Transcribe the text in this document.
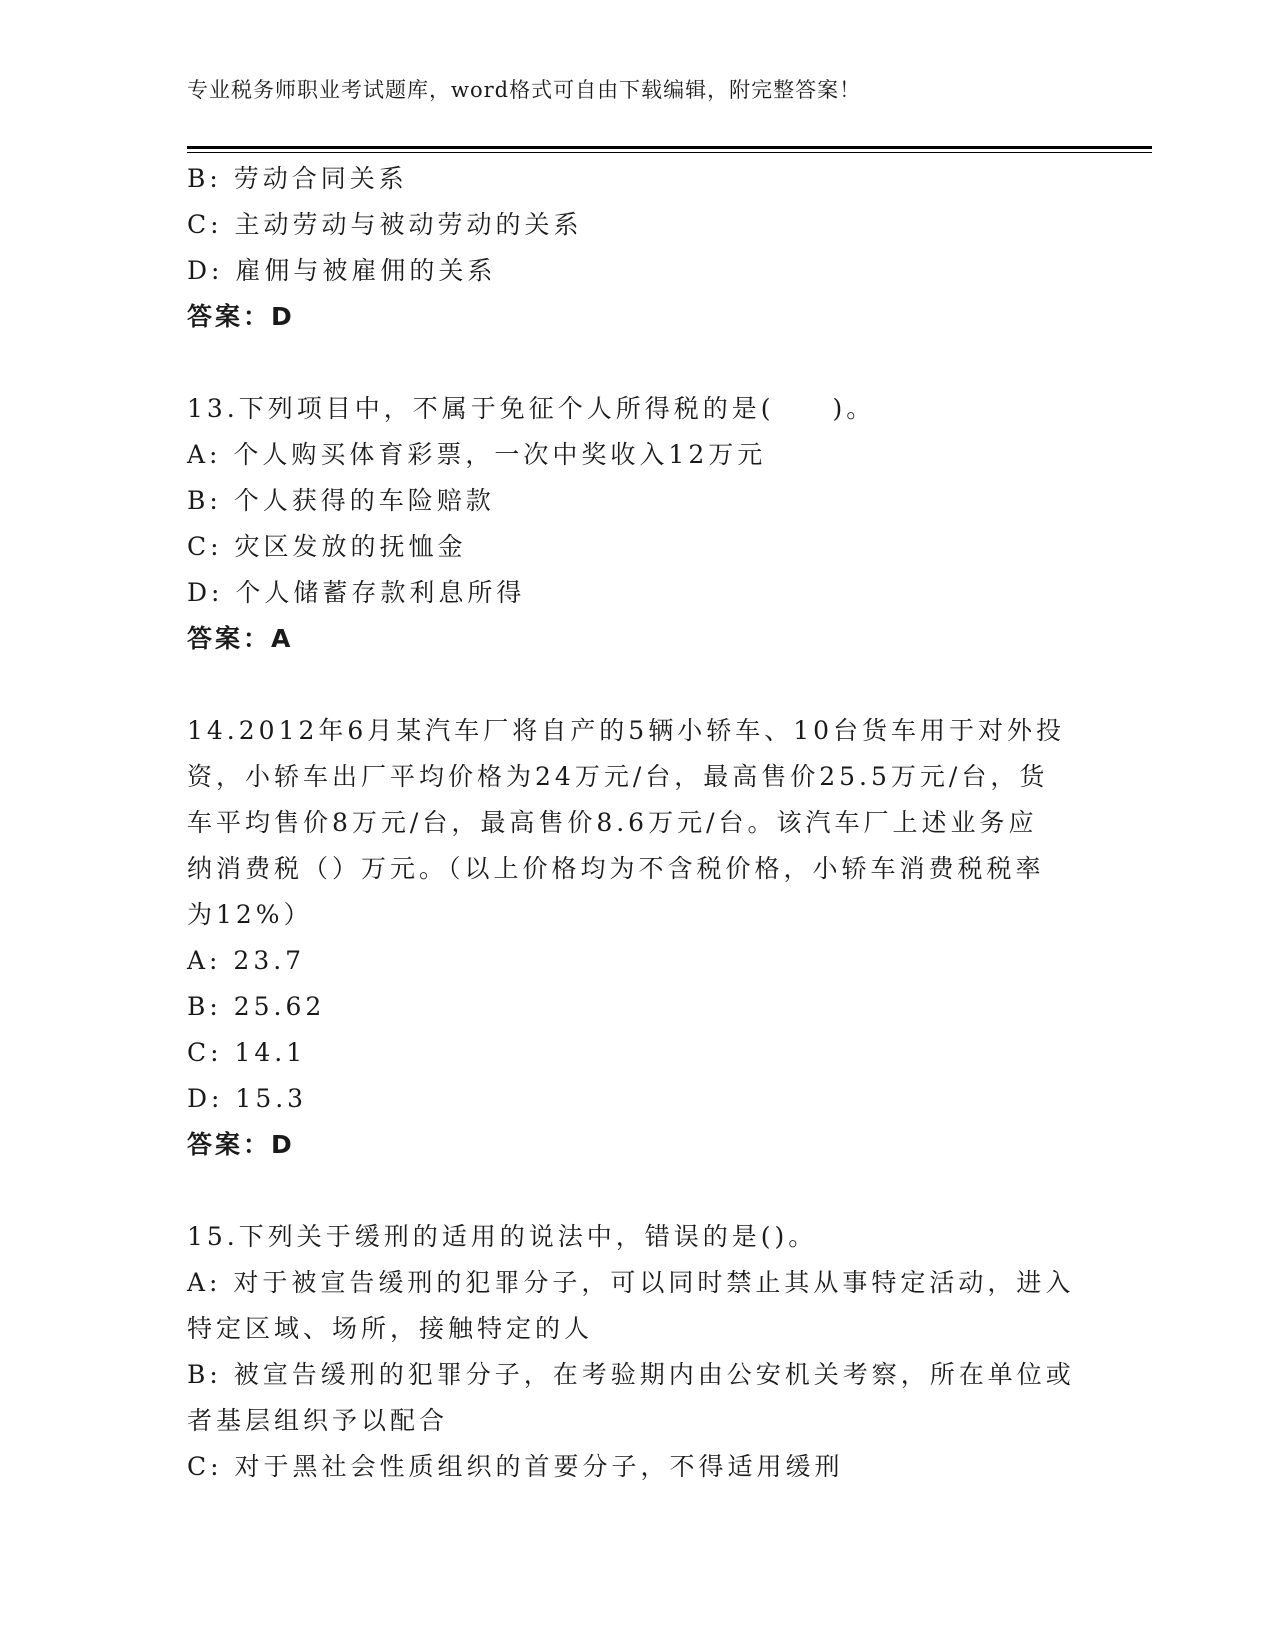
专业税务师职业考试题库，word格式可自由下载编辑，附完整答案！
B: 劳动合同关系
C: 主动劳动与被动劳动的关系
D: 雇佣与被雇佣的关系
答案：D
13.下列项目中，不属于免征个人所得税的是(　　)。
A: 个人购买体育彩票，一次中奖收入12万元
B: 个人获得的车险赔款
C: 灾区发放的抚恤金
D: 个人储蓄存款利息所得
答案：A
14.2012年6月某汽车厂将自产的5辆小轿车、10台货车用于对外投
资，小轿车出厂平均价格为24万元/台，最高售价25.5万元/台，货
车平均售价8万元/台，最高售价8.6万元/台。该汽车厂上述业务应
纳消费税（）万元。（以上价格均为不含税价格，小轿车消费税税率
为12%）
A: 23.7
B: 25.62
C: 14.1
D: 15.3
答案：D
15.下列关于缓刑的适用的说法中，错误的是()。
A: 对于被宣告缓刑的犯罪分子，可以同时禁止其从事特定活动，进入
特定区域、场所，接触特定的人
B: 被宣告缓刑的犯罪分子，在考验期内由公安机关考察，所在单位或
者基层组织予以配合
C: 对于黑社会性质组织的首要分子，不得适用缓刑
